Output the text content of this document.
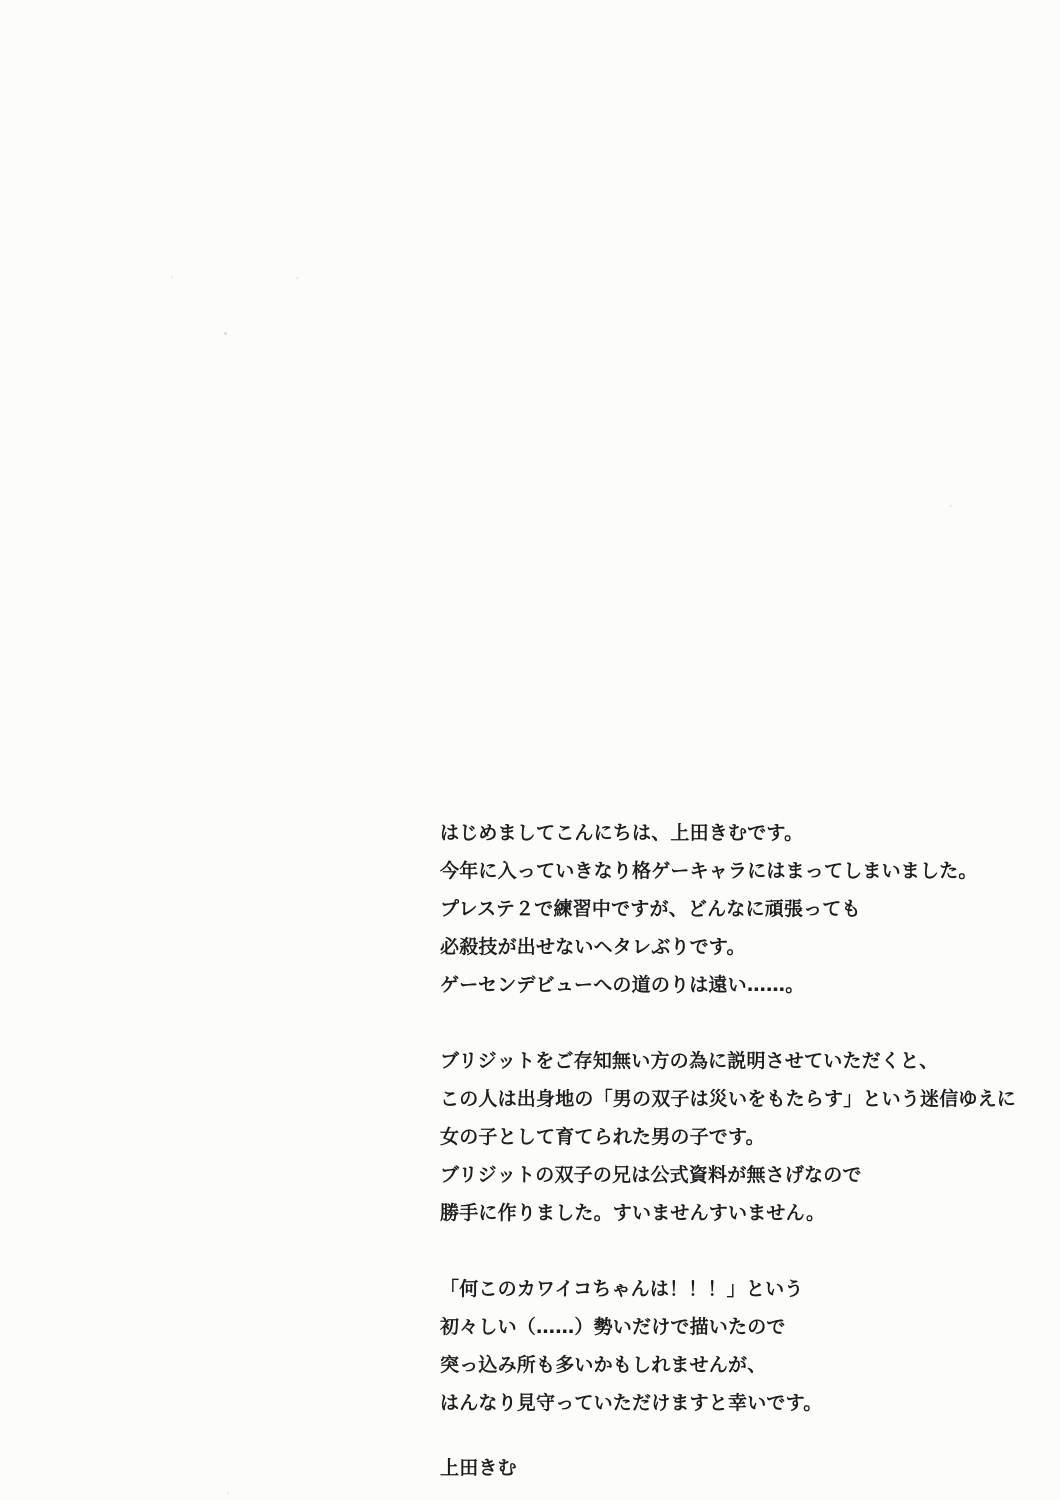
はじめましてこんにちは、上田きむです。
今年に入っていきなり格ゲーキャラにはまってしまいました。
プレステ２で練習中ですが、どんなに頑張っても
必殺技が出せないヘタレぶりです。
ゲーセンデビューへの道のりは遠い……。
ブリジットをご存知無い方の為に説明させていただくと、
この人は出身地の「男の双子は災いをもたらす」という迷信ゆえに
女の子として育てられた男の子です。
ブリジットの双子の兄は公式資料が無さげなので
勝手に作りました。すいませんすいません。
「何このカワイコちゃんは！！！」という
初々しい（……）勢いだけで描いたので
突っ込み所も多いかもしれませんが、
はんなり見守っていただけますと幸いです。
上田きむ
